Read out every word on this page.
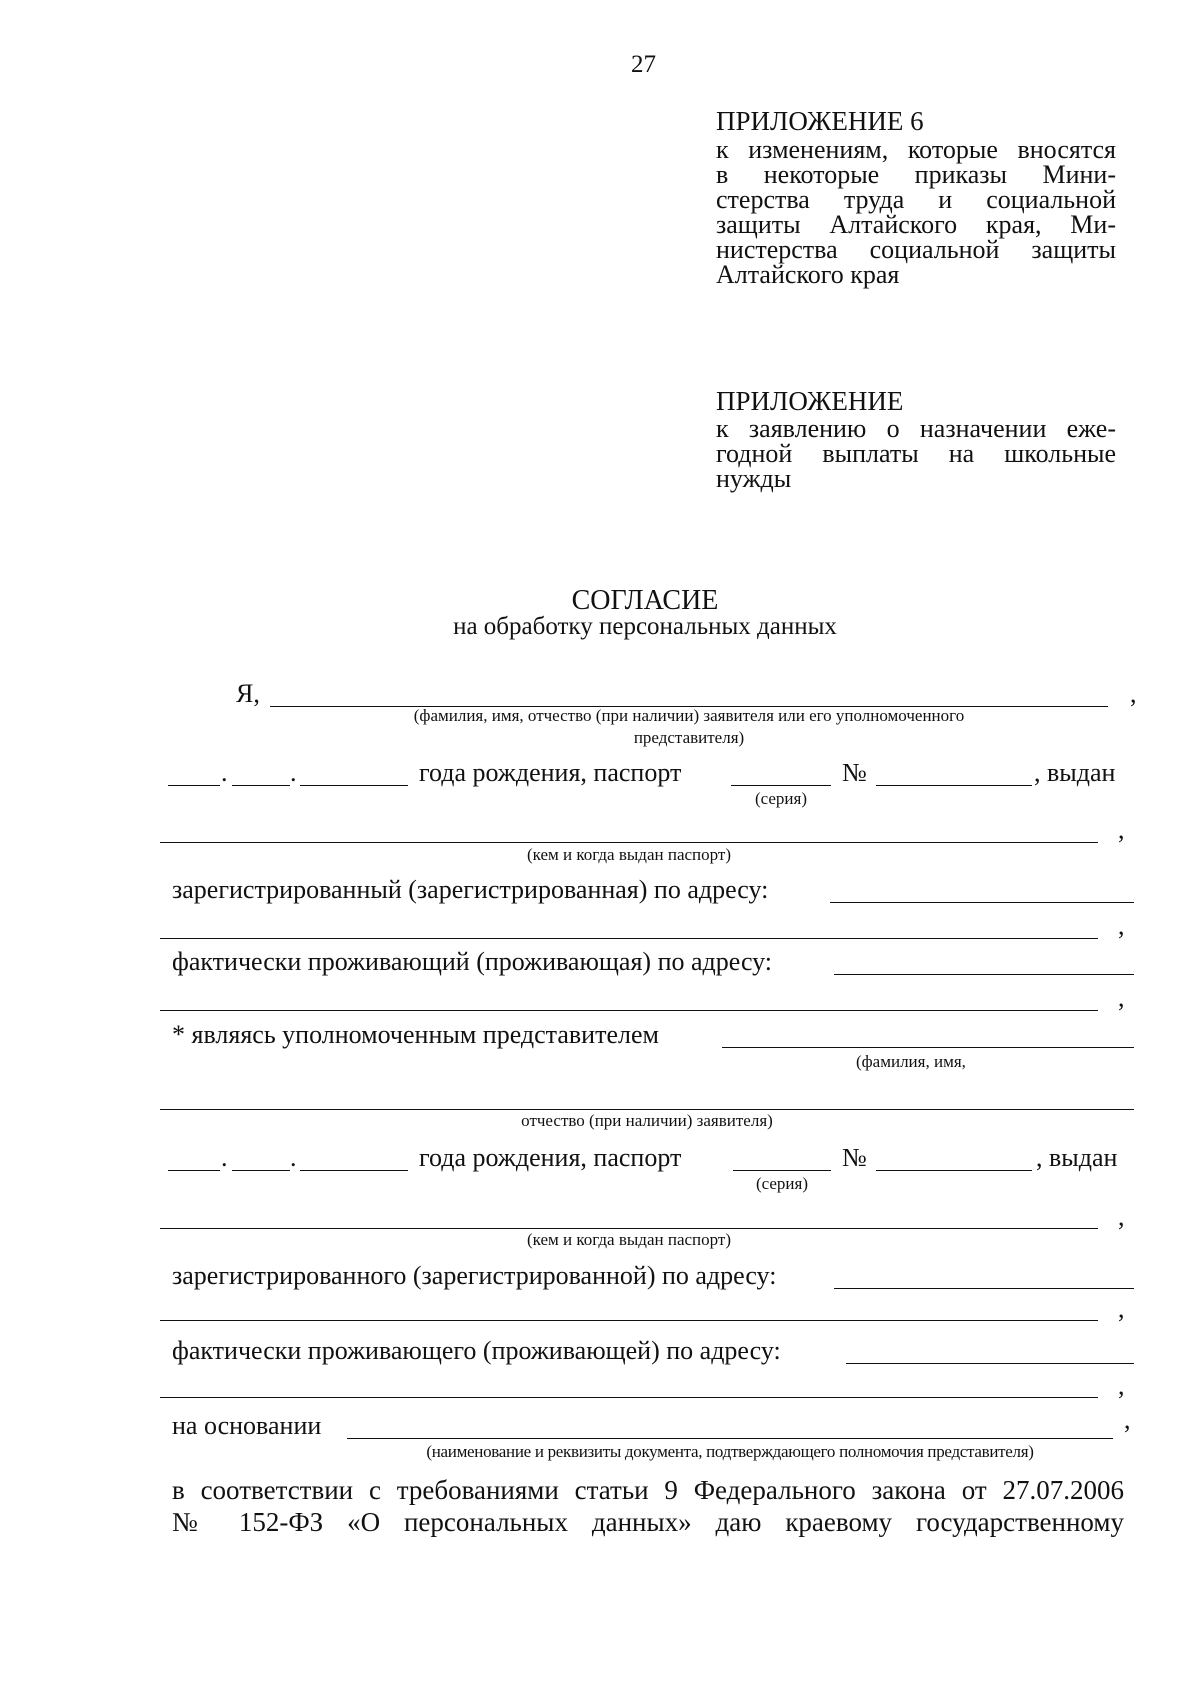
27
ПРИЛОЖЕНИЕ 6
к изменениям, которые вносятся
в некоторые приказы Мини-
стерства труда и социальной
защиты Алтайского края, Ми-
нистерства социальной защиты
Алтайского края
ПРИЛОЖЕНИЕ
к заявлению о назначении еже-
годной выплаты на школьные
нужды
СОГЛАСИЕ
на обработку персональных данных
Я,	,
(фамилия, имя, отчество (при наличии) заявителя или его уполномоченного
представителя)
. .	года рождения, паспорт	№	, выдан
(серия)
,
(кем и когда выдан паспорт)
зарегистрированный (зарегистрированная) по адресу:
,
фактически проживающий (проживающая) по адресу:
,
* являясь уполномоченным представителем
(фамилия, имя,
отчество (при наличии) заявителя)
. .	года рождения, паспорт	№	, выдан
(серия)
,
(кем и когда выдан паспорт)
зарегистрированного (зарегистрированной) по адресу:
,
фактически проживающего (проживающей) по адресу:
,
на основании	,
(наименование и реквизиты документа, подтверждающего полномочия представителя)
в соответствии с требованиями статьи 9 Федерального закона от 27.07.2006
№ 152-ФЗ «О персональных данных» даю краевому государственному
